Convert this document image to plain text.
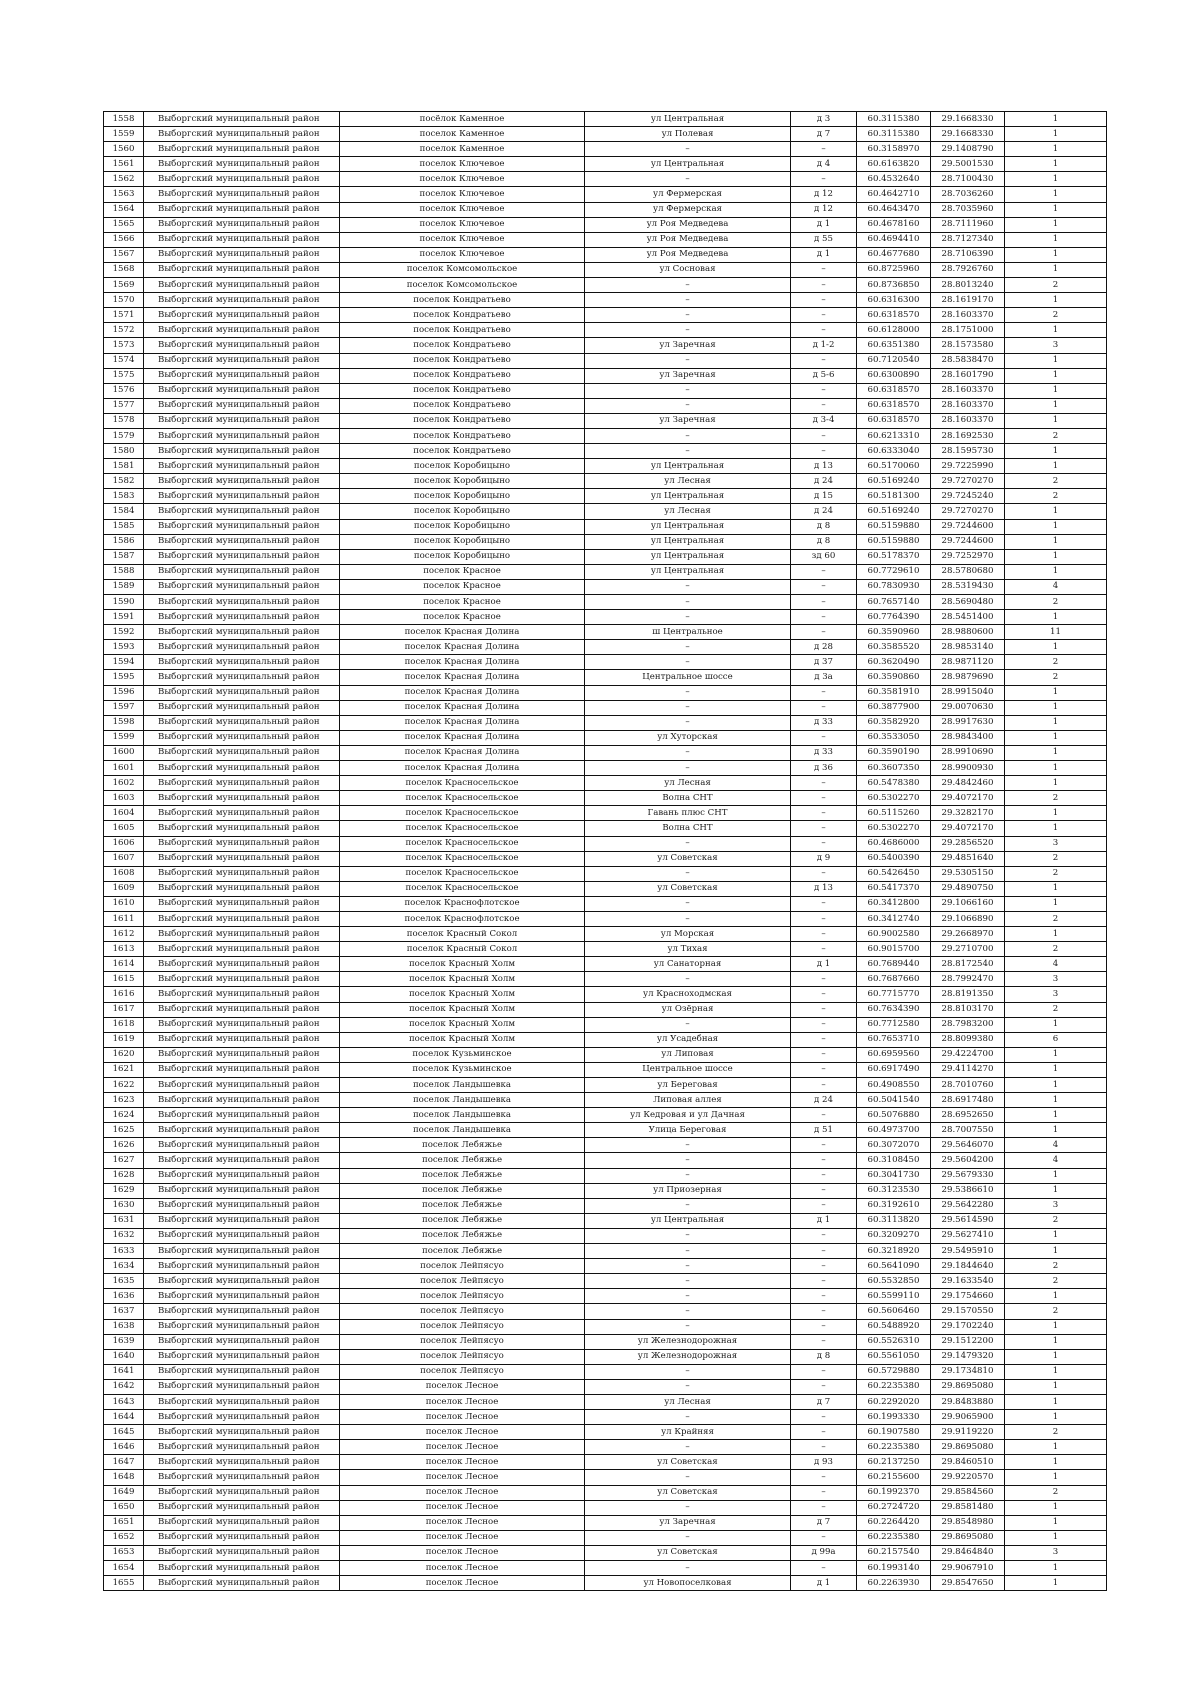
1558	Выборгский муниципальный район	посёлок Каменное	ул Центральная	д 3	60.3115380	29.1668330	1
1559	Выборгский муниципальный район	поселок Каменное	ул Полевая	д 7	60.3115380	29.1668330	1
1560	Выборгский муниципальный район	поселок Каменное	–	–	60.3158970	29.1408790	1
1561	Выборгский муниципальный район	поселок Ключевое	ул Центральная	д 4	60.6163820	29.5001530	1
1562	Выборгский муниципальный район	поселок Ключевое	–	–	60.4532640	28.7100430	1
1563	Выборгский муниципальный район	поселок Ключевое	ул Фермерская	д 12	60.4642710	28.7036260	1
1564	Выборгский муниципальный район	поселок Ключевое	ул Фермерская	д 12	60.4643470	28.7035960	1
1565	Выборгский муниципальный район	поселок Ключевое	ул Роя Медведева	д 1	60.4678160	28.7111960	1
1566	Выборгский муниципальный район	поселок Ключевое	ул Роя Медведева	д 55	60.4694410	28.7127340	1
1567	Выборгский муниципальный район	поселок Ключевое	ул Роя Медведева	д 1	60.4677680	28.7106390	1
1568	Выборгский муниципальный район	поселок Комсомольское	ул Сосновая	–	60.8725960	28.7926760	1
1569	Выборгский муниципальный район	поселок Комсомольское	–	–	60.8736850	28.8013240	2
1570	Выборгский муниципальный район	поселок Кондратьево	–	–	60.6316300	28.1619170	1
1571	Выборгский муниципальный район	поселок Кондратьево	–	–	60.6318570	28.1603370	2
1572	Выборгский муниципальный район	поселок Кондратьево	–	–	60.6128000	28.1751000	1
1573	Выборгский муниципальный район	поселок Кондратьево	ул Заречная	д 1-2	60.6351380	28.1573580	3
1574	Выборгский муниципальный район	поселок Кондратьево	–	–	60.7120540	28.5838470	1
1575	Выборгский муниципальный район	поселок Кондратьево	ул Заречная	д 5-6	60.6300890	28.1601790	1
1576	Выборгский муниципальный район	поселок Кондратьево	–	–	60.6318570	28.1603370	1
1577	Выборгский муниципальный район	поселок Кондратьево	–	–	60.6318570	28.1603370	1
1578	Выборгский муниципальный район	поселок Кондратьево	ул Заречная	д 3-4	60.6318570	28.1603370	1
1579	Выборгский муниципальный район	поселок Кондратьево	–	–	60.6213310	28.1692530	2
1580	Выборгский муниципальный район	поселок Кондратьево	–	–	60.6333040	28.1595730	1
1581	Выборгский муниципальный район	поселок Коробицыно	ул Центральная	д 13	60.5170060	29.7225990	1
1582	Выборгский муниципальный район	поселок Коробицыно	ул Лесная	д 24	60.5169240	29.7270270	2
1583	Выборгский муниципальный район	поселок Коробицыно	ул Центральная	д 15	60.5181300	29.7245240	2
1584	Выборгский муниципальный район	поселок Коробицыно	ул Лесная	д 24	60.5169240	29.7270270	1
1585	Выборгский муниципальный район	поселок Коробицыно	ул Центральная	д 8	60.5159880	29.7244600	1
1586	Выборгский муниципальный район	поселок Коробицыно	ул Центральная	д 8	60.5159880	29.7244600	1
1587	Выборгский муниципальный район	поселок Коробицыно	ул Центральная	зд 60	60.5178370	29.7252970	1
1588	Выборгский муниципальный район	поселок Красное	ул Центральная	–	60.7729610	28.5780680	1
1589	Выборгский муниципальный район	поселок Красное	–	–	60.7830930	28.5319430	4
1590	Выборгский муниципальный район	поселок Красное	–	–	60.7657140	28.5690480	2
1591	Выборгский муниципальный район	поселок Красное	–	–	60.7764390	28.5451400	1
1592	Выборгский муниципальный район	поселок Красная Долина	ш Центральное	–	60.3590960	28.9880600	11
1593	Выборгский муниципальный район	поселок Красная Долина	–	д 28	60.3585520	28.9853140	1
1594	Выборгский муниципальный район	поселок Красная Долина	–	д 37	60.3620490	28.9871120	2
1595	Выборгский муниципальный район	поселок Красная Долина	Центральное шоссе	д 3а	60.3590860	28.9879690	2
1596	Выборгский муниципальный район	поселок Красная Долина	–	–	60.3581910	28.9915040	1
1597	Выборгский муниципальный район	поселок Красная Долина	–	–	60.3877900	29.0070630	1
1598	Выборгский муниципальный район	поселок Красная Долина	–	д 33	60.3582920	28.9917630	1
1599	Выборгский муниципальный район	поселок Красная Долина	ул Хуторская	–	60.3533050	28.9843400	1
1600	Выборгский муниципальный район	поселок Красная Долина	–	д 33	60.3590190	28.9910690	1
1601	Выборгский муниципальный район	поселок Красная Долина	–	д 36	60.3607350	28.9900930	1
1602	Выборгский муниципальный район	поселок Красносельское	ул Лесная	–	60.5478380	29.4842460	1
1603	Выборгский муниципальный район	поселок Красносельское	Волна СНТ	–	60.5302270	29.4072170	2
1604	Выборгский муниципальный район	поселок Красносельское	Гавань плюс СНТ	–	60.5115260	29.3282170	1
1605	Выборгский муниципальный район	поселок Красносельское	Волна СНТ	–	60.5302270	29.4072170	1
1606	Выборгский муниципальный район	поселок Красносельское	–	–	60.4686000	29.2856520	3
1607	Выборгский муниципальный район	поселок Красносельское	ул Советская	д 9	60.5400390	29.4851640	2
1608	Выборгский муниципальный район	поселок Красносельское	–	–	60.5426450	29.5305150	2
1609	Выборгский муниципальный район	поселок Красносельское	ул Советская	д 13	60.5417370	29.4890750	1
1610	Выборгский муниципальный район	поселок Краснофлотское	–	–	60.3412800	29.1066160	1
1611	Выборгский муниципальный район	поселок Краснофлотское	–	–	60.3412740	29.1066890	2
1612	Выборгский муниципальный район	поселок Красный Сокол	ул Морская	–	60.9002580	29.2668970	1
1613	Выборгский муниципальный район	поселок Красный Сокол	ул Тихая	–	60.9015700	29.2710700	2
1614	Выборгский муниципальный район	поселок Красный Холм	ул Санаторная	д 1	60.7689440	28.8172540	4
1615	Выборгский муниципальный район	поселок Красный Холм	–	–	60.7687660	28.7992470	3
1616	Выборгский муниципальный район	поселок Красный Холм	ул Красноходмская	–	60.7715770	28.8191350	3
1617	Выборгский муниципальный район	поселок Красный Холм	ул Озёрная	–	60.7634390	28.8103170	2
1618	Выборгский муниципальный район	поселок Красный Холм	–	–	60.7712580	28.7983200	1
1619	Выборгский муниципальный район	поселок Красный Холм	ул Усадебная	–	60.7653710	28.8099380	6
1620	Выборгский муниципальный район	поселок Кузьминское	ул Липовая	–	60.6959560	29.4224700	1
1621	Выборгский муниципальный район	поселок Кузьминское	Центральное шоссе	–	60.6917490	29.4114270	1
1622	Выборгский муниципальный район	поселок Ландышевка	ул Береговая	–	60.4908550	28.7010760	1
1623	Выборгский муниципальный район	поселок Ландышевка	Липовая аллея	д 24	60.5041540	28.6917480	1
1624	Выборгский муниципальный район	поселок Ландышевка	ул Кедровая и ул Дачная	–	60.5076880	28.6952650	1
1625	Выборгский муниципальный район	поселок Ландышевка	Улица Береговая	д 51	60.4973700	28.7007550	1
1626	Выборгский муниципальный район	поселок Лебяжье	–	–	60.3072070	29.5646070	4
1627	Выборгский муниципальный район	поселок Лебяжье	–	–	60.3108450	29.5604200	4
1628	Выборгский муниципальный район	поселок Лебяжье	–	–	60.3041730	29.5679330	1
1629	Выборгский муниципальный район	поселок Лебяжье	ул Приозерная	–	60.3123530	29.5386610	1
1630	Выборгский муниципальный район	поселок Лебяжье	–	–	60.3192610	29.5642280	3
1631	Выборгский муниципальный район	поселок Лебяжье	ул Центральная	д 1	60.3113820	29.5614590	2
1632	Выборгский муниципальный район	поселок Лебяжье	–	–	60.3209270	29.5627410	1
1633	Выборгский муниципальный район	поселок Лебяжье	–	–	60.3218920	29.5495910	1
1634	Выборгский муниципальный район	поселок Лейпясуо	–	–	60.5641090	29.1844640	2
1635	Выборгский муниципальный район	поселок Лейпясуо	–	–	60.5532850	29.1633540	2
1636	Выборгский муниципальный район	поселок Лейпясуо	–	–	60.5599110	29.1754660	1
1637	Выборгский муниципальный район	поселок Лейпясуо	–	–	60.5606460	29.1570550	2
1638	Выборгский муниципальный район	поселок Лейпясуо	–	–	60.5488920	29.1702240	1
1639	Выборгский муниципальный район	поселок Лейпясуо	ул Железнодорожная	–	60.5526310	29.1512200	1
1640	Выборгский муниципальный район	поселок Лейпясуо	ул Железнодорожная	д 8	60.5561050	29.1479320	1
1641	Выборгский муниципальный район	поселок Лейпясуо	–	–	60.5729880	29.1734810	1
1642	Выборгский муниципальный район	поселок Лесное	–	–	60.2235380	29.8695080	1
1643	Выборгский муниципальный район	поселок Лесное	ул Лесная	д 7	60.2292020	29.8483880	1
1644	Выборгский муниципальный район	поселок Лесное	–	–	60.1993330	29.9065900	1
1645	Выборгский муниципальный район	поселок Лесное	ул Крайняя	–	60.1907580	29.9119220	2
1646	Выборгский муниципальный район	поселок Лесное	–	–	60.2235380	29.8695080	1
1647	Выборгский муниципальный район	поселок Лесное	ул Советская	д 93	60.2137250	29.8460510	1
1648	Выборгский муниципальный район	поселок Лесное	–	–	60.2155600	29.9220570	1
1649	Выборгский муниципальный район	поселок Лесное	ул Советская	–	60.1992370	29.8584560	2
1650	Выборгский муниципальный район	поселок Лесное	–	–	60.2724720	29.8581480	1
1651	Выборгский муниципальный район	поселок Лесное	ул Заречная	д 7	60.2264420	29.8548980	1
1652	Выборгский муниципальный район	поселок Лесное	–	–	60.2235380	29.8695080	1
1653	Выборгский муниципальный район	поселок Лесное	ул Советская	д 99а	60.2157540	29.8464840	3
1654	Выборгский муниципальный район	поселок Лесное	–	–	60.1993140	29.9067910	1
1655	Выборгский муниципальный район	поселок Лесное	ул Новопоселковая	д 1	60.2263930	29.8547650	1
